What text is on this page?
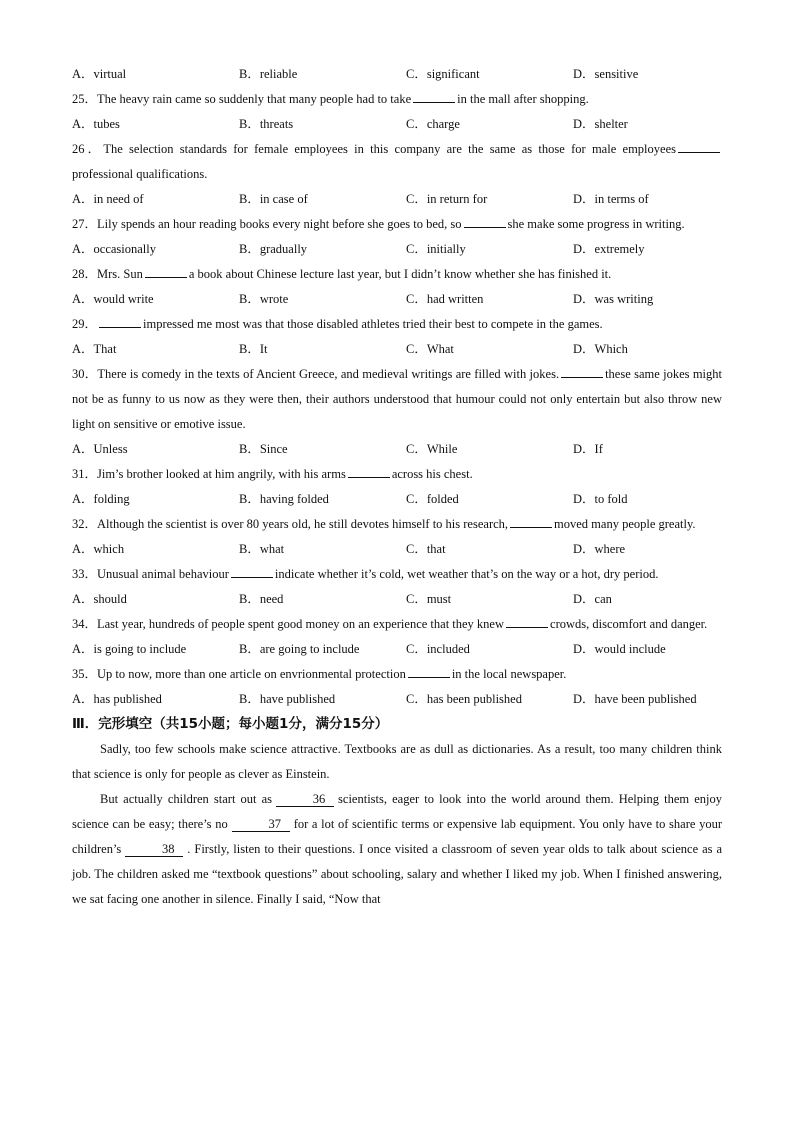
A．virtual	B．reliable	C．significant	D．sensitive

25．The heavy rain came so suddenly that many people had to take	in the mall after shopping.

A．tubes	B．threats	C．charge	D．shelter

26．The selection standards for female employees in this company are the same as those for male employeesprofessional qualifications.

A．in need of	B．in case of	C．in return for	D．in terms of

27．Lily spends an hour reading books every night before she goes to bed, so	she make some progress in writing.

A．occasionally	B．gradually	C．initially	D．extremely

28．Mrs. Sun	a book about Chinese lecture last year, but I didn’t know whether she has finished it.

A．would write	B．wrote	C．had written	D．was writing

29．	impressed me most was that those disabled athletes tried their best to compete in the games.

A．That	B．It	C．What	D．Which

30．There is comedy in the texts of Ancient Greece, and medieval writings are filled with jokes.	these same jokes might not be as funny to us now as they were then, their authors understood that humour could not only entertain but also throw new light on sensitive or emotive issue.

A．Unless	B．Since	C．While	D．If

31．Jim’s brother looked at him angrily, with his arms	across his chest.

A．folding	B．having folded	C．folded	D．to fold

32．Although the scientist is over 80 years old, he still devotes himself to his research,	moved many people greatly.

A．which	B．what	C．that	D．where

33．Unusual animal behaviour	indicate whether it’s cold, wet weather that’s on the way or a hot, dry period.

A．should	B．need	C．must	D．can

34．Last year, hundreds of people spent good money on an experience that they knew	crowds, discomfort and danger.

A．is going to include	B．are going to include	C．included	D．would include

35．Up to now, more than one article on envrionmental protection	in the local newspaper.

A．has published	B．have published	C．has been published	D．have been published

Ⅲ．完形填空（共15小题；每小题1分，满分15分）

Sadly, too few schools make science attractive. Textbooks are as dull as dictionaries. As a result, too many children think that science is only for people as clever as Einstein.

But actually children start out as	36 scientists, eager to look into the world around them. Helping them enjoy science can be easy; there’s no	37 for a lot of scientific terms or expensive lab equipment. You only have to share your children’s	38 . Firstly, listen to their questions. I once visited a classroom of seven year olds to talk about science as a job. The children asked me “textbook questions” about schooling, salary and whether I liked my job. When I finished answering, we sat facing one another in silence. Finally I said, “Now that
